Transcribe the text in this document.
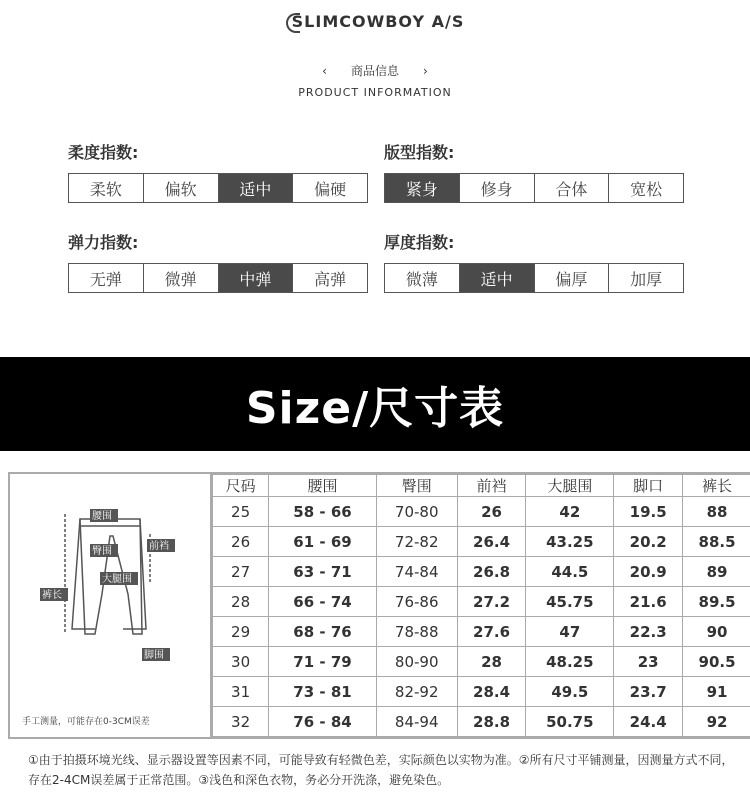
SLIMCOWBOY A/S
‹ 商品信息 ›
PRODUCT INFORMATION
柔度指数:
柔软	偏软	适中	偏硬
版型指数:
紧身	修身	合体	宽松
弹力指数:
无弹	微弹	中弹	高弹
厚度指数:
微薄	适中	偏厚	加厚
Size/尺寸表
腰围
臀围	前裆
大腿围
裤长
脚围
手工测量，可能存在0-3CM误差
尺码	腰围	臀围	前裆	大腿围	脚口	裤长
25	58 - 66	70-80	26	42	19.5	88
26	61 - 69	72-82	26.4	43.25	20.2	88.5
27	63 - 71	74-84	26.8	44.5	20.9	89
28	66 - 74	76-86	27.2	45.75	21.6	89.5
29	68 - 76	78-88	27.6	47	22.3	90
30	71 - 79	80-90	28	48.25	23	90.5
31	73 - 81	82-92	28.4	49.5	23.7	91
32	76 - 84	84-94	28.8	50.75	24.4	92
①由于拍摄环境光线、显示器设置等因素不同，可能导致有轻微色差，实际颜色以实物为准。②所有尺寸平铺测量，因测量方式不同，存在2-4CM误差属于正常范围。③浅色和深色衣物，务必分开洗涤，避免染色。
